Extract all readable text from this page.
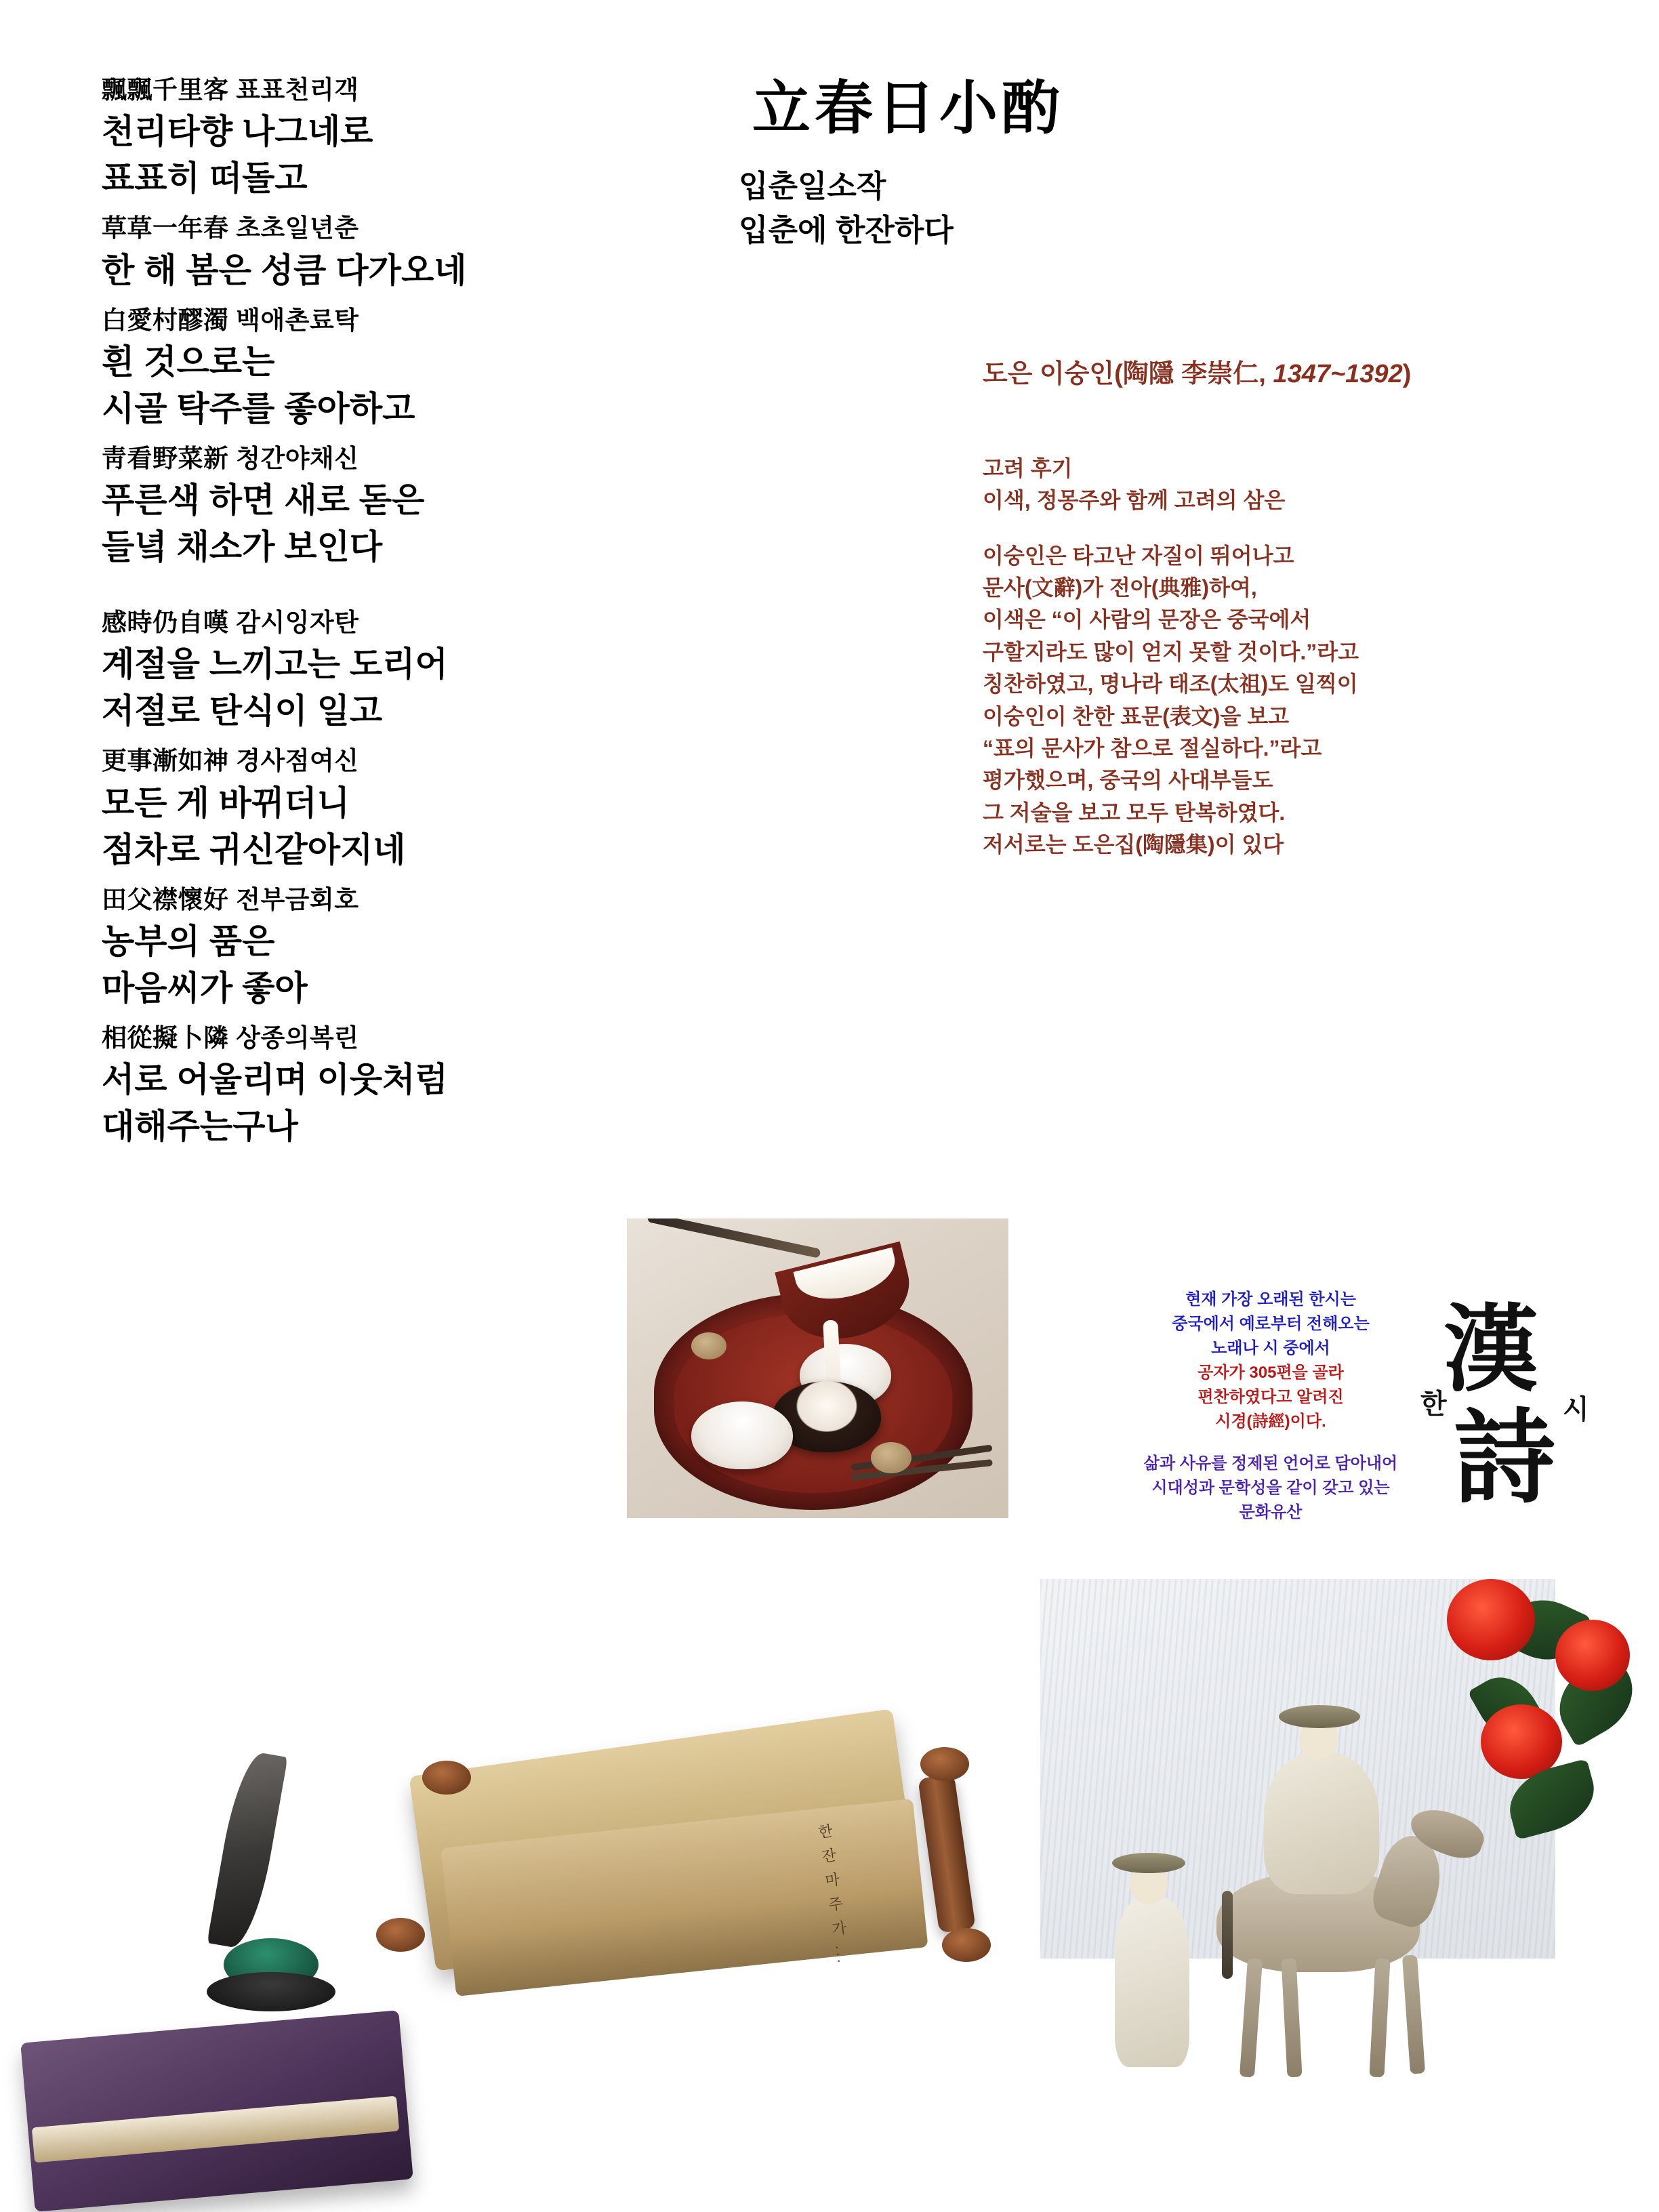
飄飄千里客 표표천리객

천리타향 나그네로

표표히 떠돌고

草草一年春 초초일년춘

한 해 봄은 성큼 다가오네

白愛村醪濁 백애촌료탁

흰 것으로는

시골 탁주를 좋아하고

靑看野菜新 청간야채신

푸른색 하면 새로 돋은

들녘 채소가 보인다

感時仍自嘆 감시잉자탄

계절을 느끼고는 도리어

저절로 탄식이 일고

更事漸如神 경사점여신

모든 게 바뀌더니

점차로 귀신같아지네

田父襟懷好 전부금회호

농부의 품은

마음씨가 좋아

相從擬卜隣 상종의복린

서로 어울리며 이웃처럼

대해주는구나

立春日小酌

입춘일소작

입춘에 한잔하다

도은 이숭인(陶隱 李崇仁, 1347~1392)

고려 후기

이색, 정몽주와 함께 고려의 삼은

이숭인은 타고난 자질이 뛰어나고

문사(文辭)가 전아(典雅)하여,

이색은 “이 사람의 문장은 중국에서

구할지라도 많이 얻지 못할 것이다.”라고

칭찬하였고, 명나라 태조(太祖)도 일찍이

이숭인이 찬한 표문(表文)을 보고

“표의 문사가 참으로 절실하다.”라고

평가했으며, 중국의 사대부들도

그 저술을 보고 모두 탄복하였다.

저서로는 도은집(陶隱集)이 있다

현재 가장 오래된 한시는
중국에서 예로부터 전해오는
노래나 시 중에서
공자가 305편을 골라
편찬하였다고 알려진
시경(詩經)이다.
삶과 사유를 정제된 언어로 담아내어
시대성과 문학성을 같이 갖고 있는
문화유산
漢
詩
한	시
한 잔 마 주 가 ...
